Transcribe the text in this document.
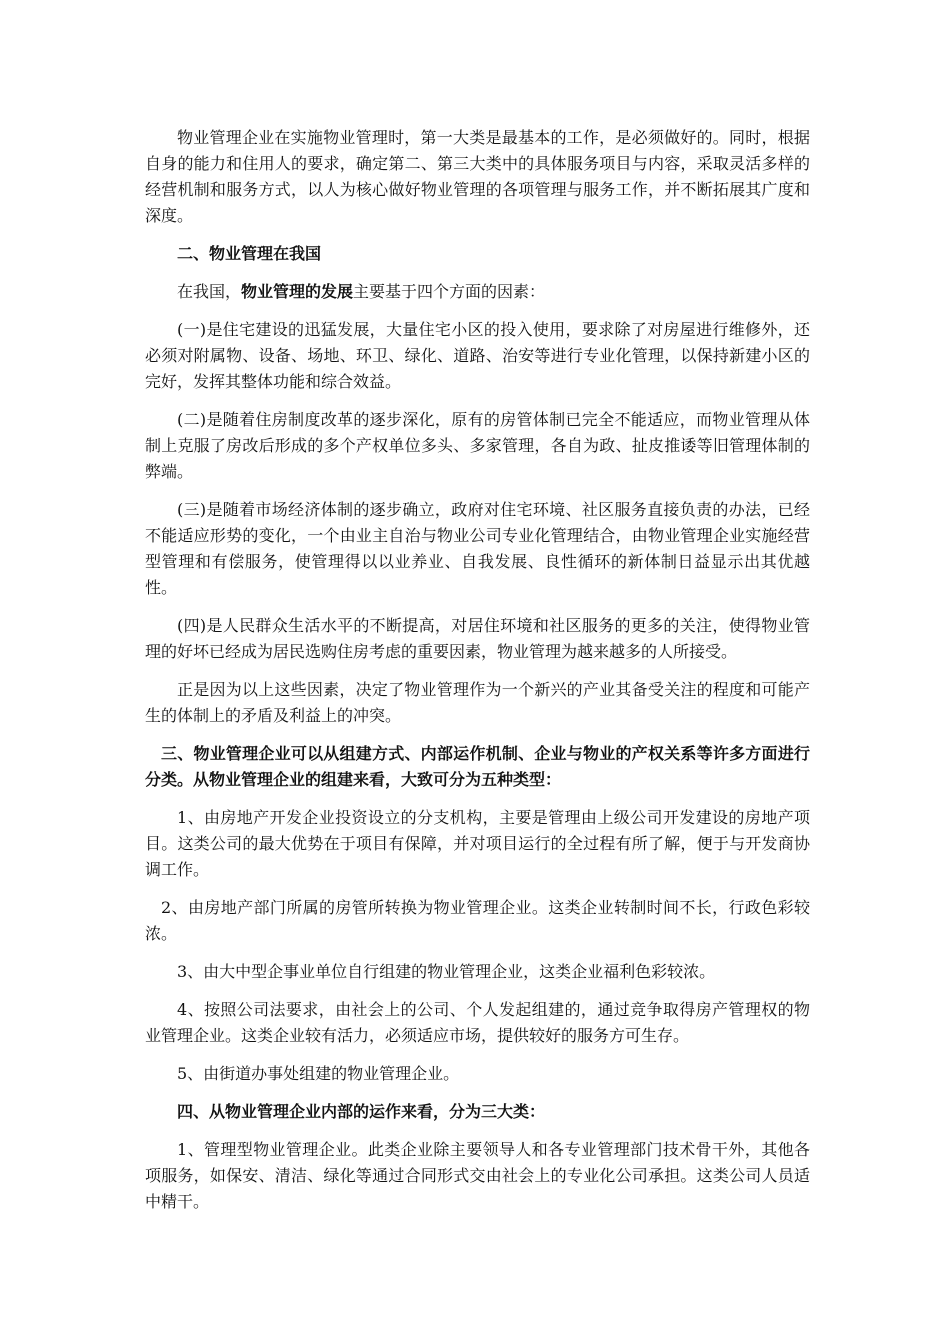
物业管理企业在实施物业管理时，第一大类是最基本的工作，是必须做好的。同时，根据自身的能力和住用人的要求，确定第二、第三大类中的具体服务项目与内容，采取灵活多样的经营机制和服务方式，以人为核心做好物业管理的各项管理与服务工作，并不断拓展其广度和深度。

二、物业管理在我国

在我国，物业管理的发展主要基于四个方面的因素：

(一)是住宅建设的迅猛发展，大量住宅小区的投入使用，要求除了对房屋进行维修外，还必须对附属物、设备、场地、环卫、绿化、道路、治安等进行专业化管理，以保持新建小区的完好，发挥其整体功能和综合效益。

(二)是随着住房制度改革的逐步深化，原有的房管体制已完全不能适应，而物业管理从体制上克服了房改后形成的多个产权单位多头、多家管理，各自为政、扯皮推诿等旧管理体制的弊端。

(三)是随着市场经济体制的逐步确立，政府对住宅环境、社区服务直接负责的办法，已经不能适应形势的变化，一个由业主自治与物业公司专业化管理结合，由物业管理企业实施经营型管理和有偿服务，使管理得以以业养业、自我发展、良性循环的新体制日益显示出其优越性。

(四)是人民群众生活水平的不断提高，对居住环境和社区服务的更多的关注，使得物业管理的好坏已经成为居民选购住房考虑的重要因素，物业管理为越来越多的人所接受。

正是因为以上这些因素，决定了物业管理作为一个新兴的产业其备受关注的程度和可能产生的体制上的矛盾及利益上的冲突。

三、物业管理企业可以从组建方式、内部运作机制、企业与物业的产权关系等许多方面进行分类。从物业管理企业的组建来看，大致可分为五种类型：

1、由房地产开发企业投资设立的分支机构，主要是管理由上级公司开发建设的房地产项目。这类公司的最大优势在于项目有保障，并对项目运行的全过程有所了解，便于与开发商协调工作。

2、由房地产部门所属的房管所转换为物业管理企业。这类企业转制时间不长，行政色彩较浓。

3、由大中型企事业单位自行组建的物业管理企业，这类企业福利色彩较浓。

4、按照公司法要求，由社会上的公司、个人发起组建的，通过竞争取得房产管理权的物业管理企业。这类企业较有活力，必须适应市场，提供较好的服务方可生存。

5、由街道办事处组建的物业管理企业。

四、从物业管理企业内部的运作来看，分为三大类：

1、管理型物业管理企业。此类企业除主要领导人和各专业管理部门技术骨干外，其他各项服务，如保安、清洁、绿化等通过合同形式交由社会上的专业化公司承担。这类公司人员适中精干。
